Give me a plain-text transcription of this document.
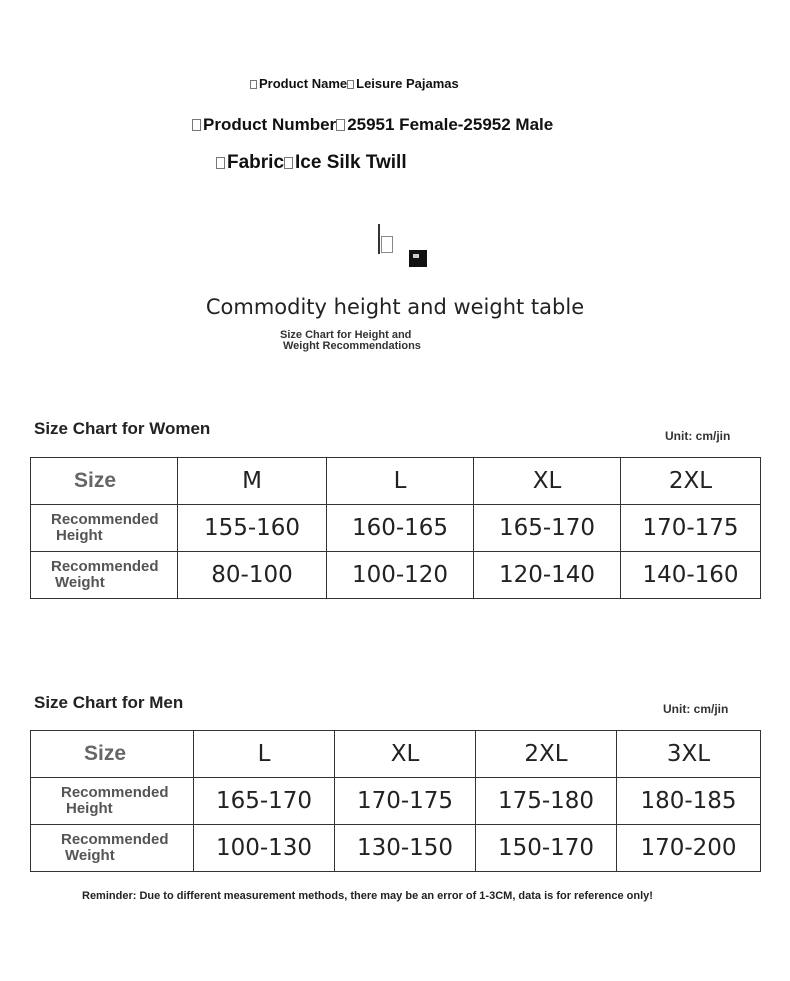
Product Name Leisure Pajamas
Product Number 25951 Female-25952 Male
Fabric Ice Silk Twill
Commodity height and weight table
Size Chart for Height and
Weight Recommendations
Size Chart for Women	Unit: cm/jin
Size	M	L	XL	2XL

Recommended
Height	155-160	160-165	165-170	170-175

Recommended
Weight	80-100	100-120	120-140	140-160
Size Chart for Men	Unit: cm/jin
Size	L	XL	2XL	3XL

Recommended
Height	165-170	170-175	175-180	180-185

Recommended
Weight	100-130	130-150	150-170	170-200
Reminder: Due to different measurement methods, there may be an error of 1-3CM, data is for reference only!
